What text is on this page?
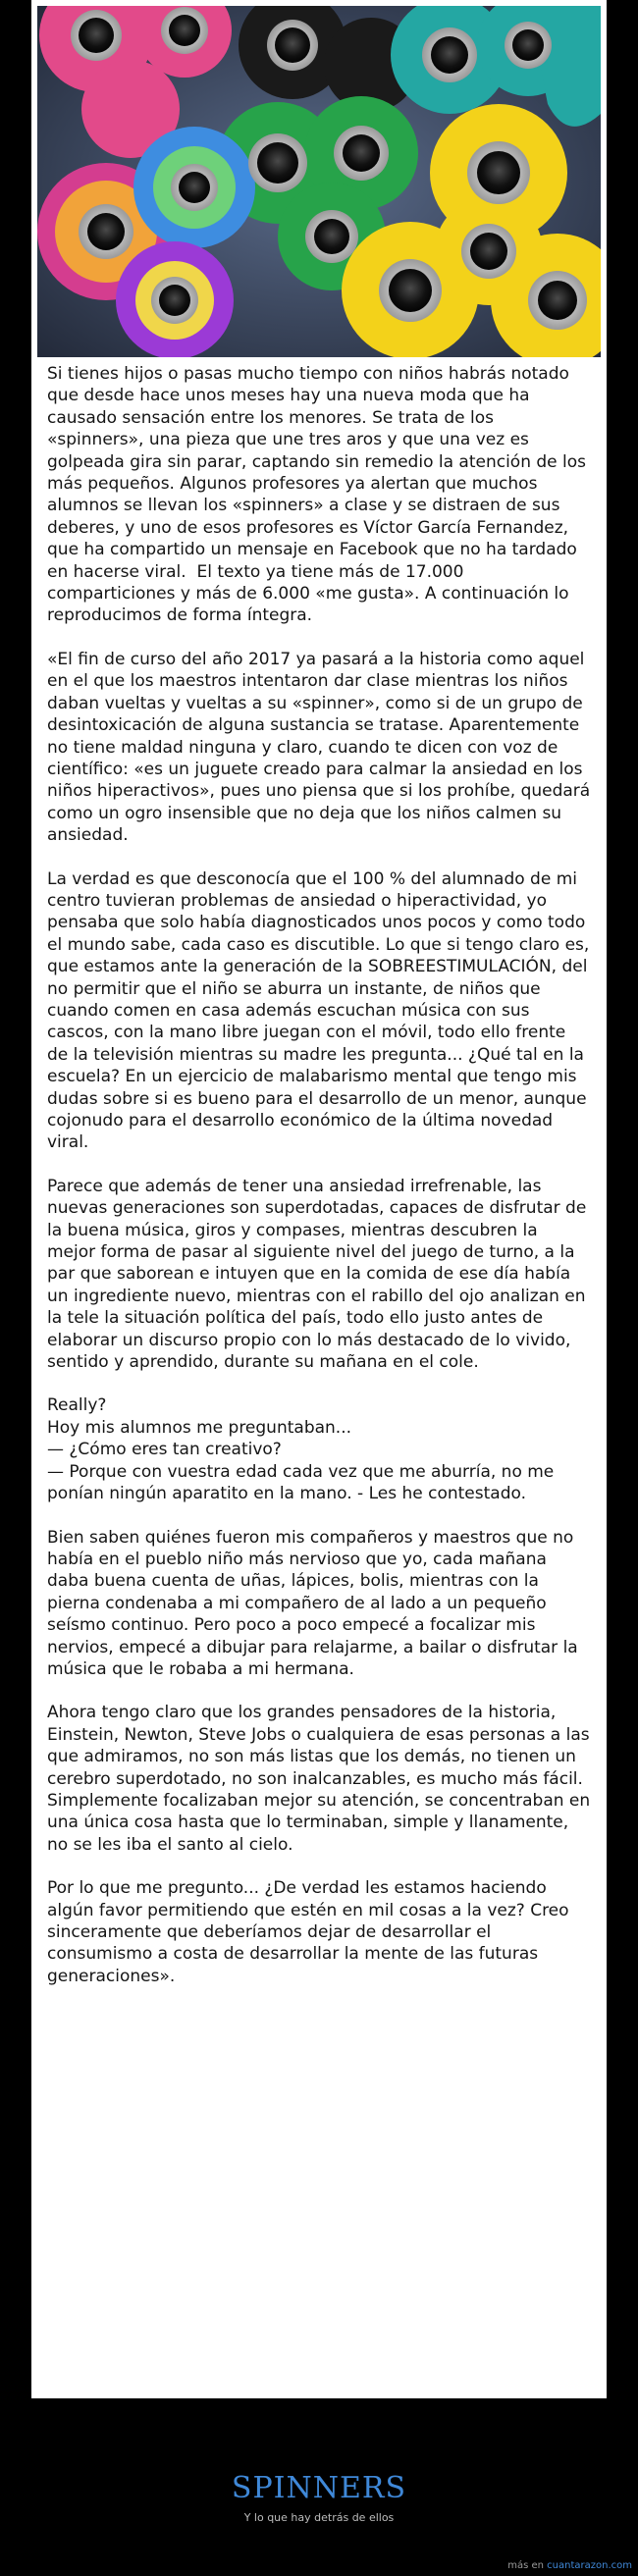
Si tienes hijos o pasas mucho tiempo con niños habrás notado que desde hace unos meses hay una nueva moda que ha causado sensación entre los menores. Se trata de los «spinners», una pieza que une tres aros y que una vez es golpeada gira sin parar, captando sin remedio la atención de los más pequeños. Algunos profesores ya alertan que muchos alumnos se llevan los «spinners» a clase y se distraen de sus deberes, y uno de esos profesores es Víctor García Fernandez, que ha compartido un mensaje en Facebook que no ha tardado en hacerse viral.  El texto ya tiene más de 17.000 comparticiones y más de 6.000 «me gusta». A continuación lo reproducimos de forma íntegra.

«El fin de curso del año 2017 ya pasará a la historia como aquel en el que los maestros intentaron dar clase mientras los niños daban vueltas y vueltas a su «spinner», como si de un grupo de desintoxicación de alguna sustancia se tratase. Aparentemente no tiene maldad ninguna y claro, cuando te dicen con voz de científico: «es un juguete creado para calmar la ansiedad en los niños hiperactivos», pues uno piensa que si los prohíbe, quedará como un ogro insensible que no deja que los niños calmen su ansiedad.

La verdad es que desconocía que el 100 % del alumnado de mi centro tuvieran problemas de ansiedad o hiperactividad, yo pensaba que solo había diagnosticados unos pocos y como todo el mundo sabe, cada caso es discutible. Lo que si tengo claro es, que estamos ante la generación de la SOBREESTIMULACIÓN, del no permitir que el niño se aburra un instante, de niños que cuando comen en casa además escuchan música con sus cascos, con la mano libre juegan con el móvil, todo ello frente de la televisión mientras su madre les pregunta... ¿Qué tal en la escuela? En un ejercicio de malabarismo mental que tengo mis dudas sobre si es bueno para el desarrollo de un menor, aunque cojonudo para el desarrollo económico de la última novedad viral.

Parece que además de tener una ansiedad irrefrenable, las nuevas generaciones son superdotadas, capaces de disfrutar de la buena música, giros y compases, mientras descubren la mejor forma de pasar al siguiente nivel del juego de turno, a la par que saborean e intuyen que en la comida de ese día había un ingrediente nuevo, mientras con el rabillo del ojo analizan en la tele la situación política del país, todo ello justo antes de elaborar un discurso propio con lo más destacado de lo vivido, sentido y aprendido, durante su mañana en el cole.

Really?
Hoy mis alumnos me preguntaban...
— ¿Cómo eres tan creativo?
— Porque con vuestra edad cada vez que me aburría, no me ponían ningún aparatito en la mano. - Les he contestado.

Bien saben quiénes fueron mis compañeros y maestros que no había en el pueblo niño más nervioso que yo, cada mañana daba buena cuenta de uñas, lápices, bolis, mientras con la pierna condenaba a mi compañero de al lado a un pequeño seísmo continuo. Pero poco a poco empecé a focalizar mis nervios, empecé a dibujar para relajarme, a bailar o disfrutar la música que le robaba a mi hermana.

Ahora tengo claro que los grandes pensadores de la historia, Einstein, Newton, Steve Jobs o cualquiera de esas personas a las que admiramos, no son más listas que los demás, no tienen un cerebro superdotado, no son inalcanzables, es mucho más fácil. Simplemente focalizaban mejor su atención, se concentraban en una única cosa hasta que lo terminaban, simple y llanamente, no se les iba el santo al cielo.

Por lo que me pregunto... ¿De verdad les estamos haciendo algún favor permitiendo que estén en mil cosas a la vez? Creo sinceramente que deberíamos dejar de desarrollar el consumismo a costa de desarrollar la mente de las futuras generaciones».

SPINNERS
Y lo que hay detrás de ellos
más en cuantarazon.com
